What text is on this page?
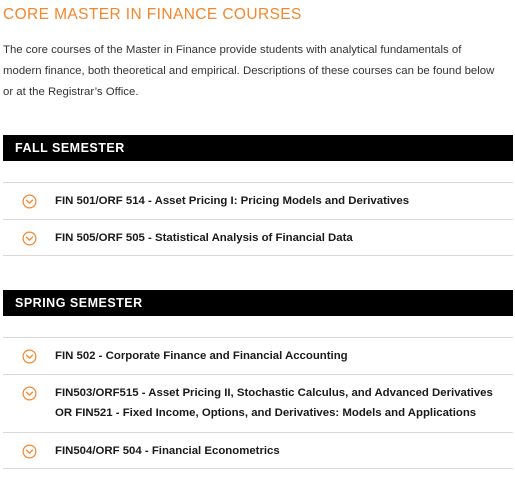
CORE MASTER IN FINANCE COURSES
The core courses of the Master in Finance provide students with analytical fundamentals of modern finance, both theoretical and empirical. Descriptions of these courses can be found below or at the Registrar’s Office.
FALL SEMESTER
FIN 501/ORF 514 - Asset Pricing I: Pricing Models and Derivatives
FIN 505/ORF 505 - Statistical Analysis of Financial Data
SPRING SEMESTER
FIN 502 - Corporate Finance and Financial Accounting
FIN503/ORF515 - Asset Pricing II, Stochastic Calculus, and Advanced Derivatives OR FIN521 - Fixed Income, Options, and Derivatives: Models and Applications
FIN504/ORF 504 - Financial Econometrics
